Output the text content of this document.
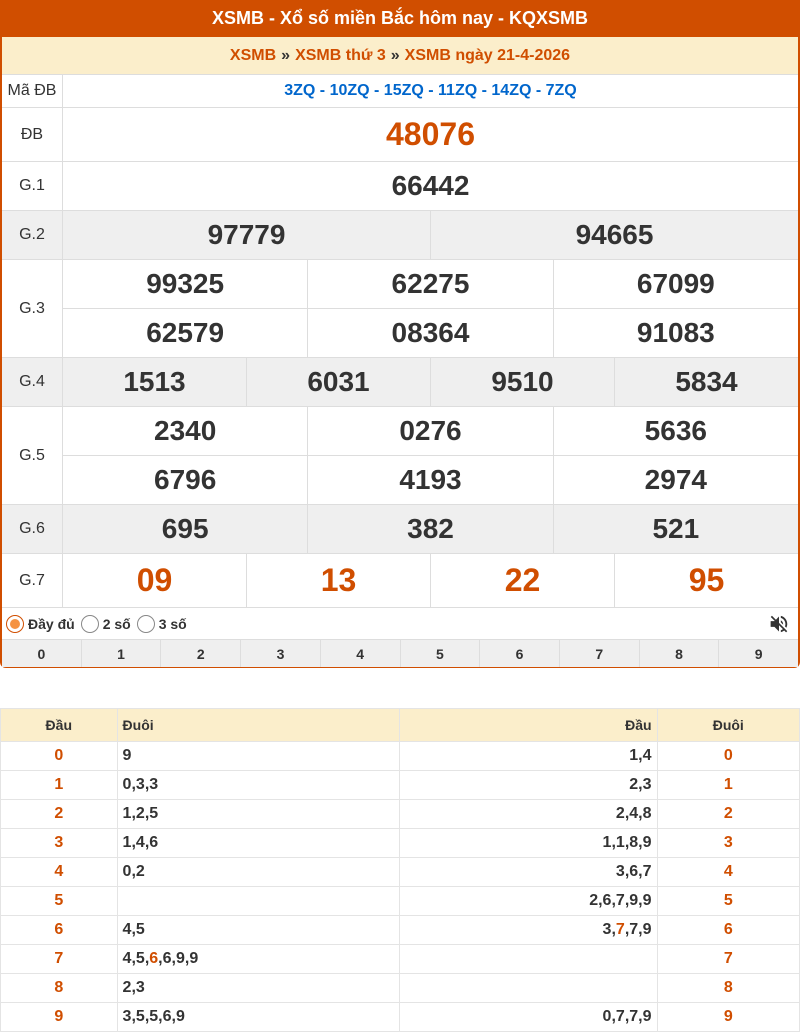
XSMB - Xổ số miền Bắc hôm nay - KQXSMB
XSMB » XSMB thứ 3 » XSMB ngày 21-4-2026
Mã ĐB	3ZQ - 10ZQ - 15ZQ - 11ZQ - 14ZQ - 7ZQ
ĐB	48076
G.1	66442
G.2	97779	94665
G.3
99325	62275	67099
62579	08364	91083
G.4	1513	6031	9510	5834
G.5
2340	0276	5636
6796	4193	2974
G.6	695	382	521
G.7	09	13	22	95
Đầy đủ 2 số 3 số
0	1	2	3	4	5	6	7	8	9
Đầu	Đuôi	Đầu	Đuôi
0	9	1,4	0
1	0,3,3	2,3	1
2	1,2,5	2,4,8	2
3	1,4,6	1,1,8,9	3
4	0,2	3,6,7	4
5		2,6,7,9,9	5
6	4,5	3,7,7,9	6
7	4,5,6,6,9,9		7
8	2,3		8
9	3,5,5,6,9	0,7,7,9	9
